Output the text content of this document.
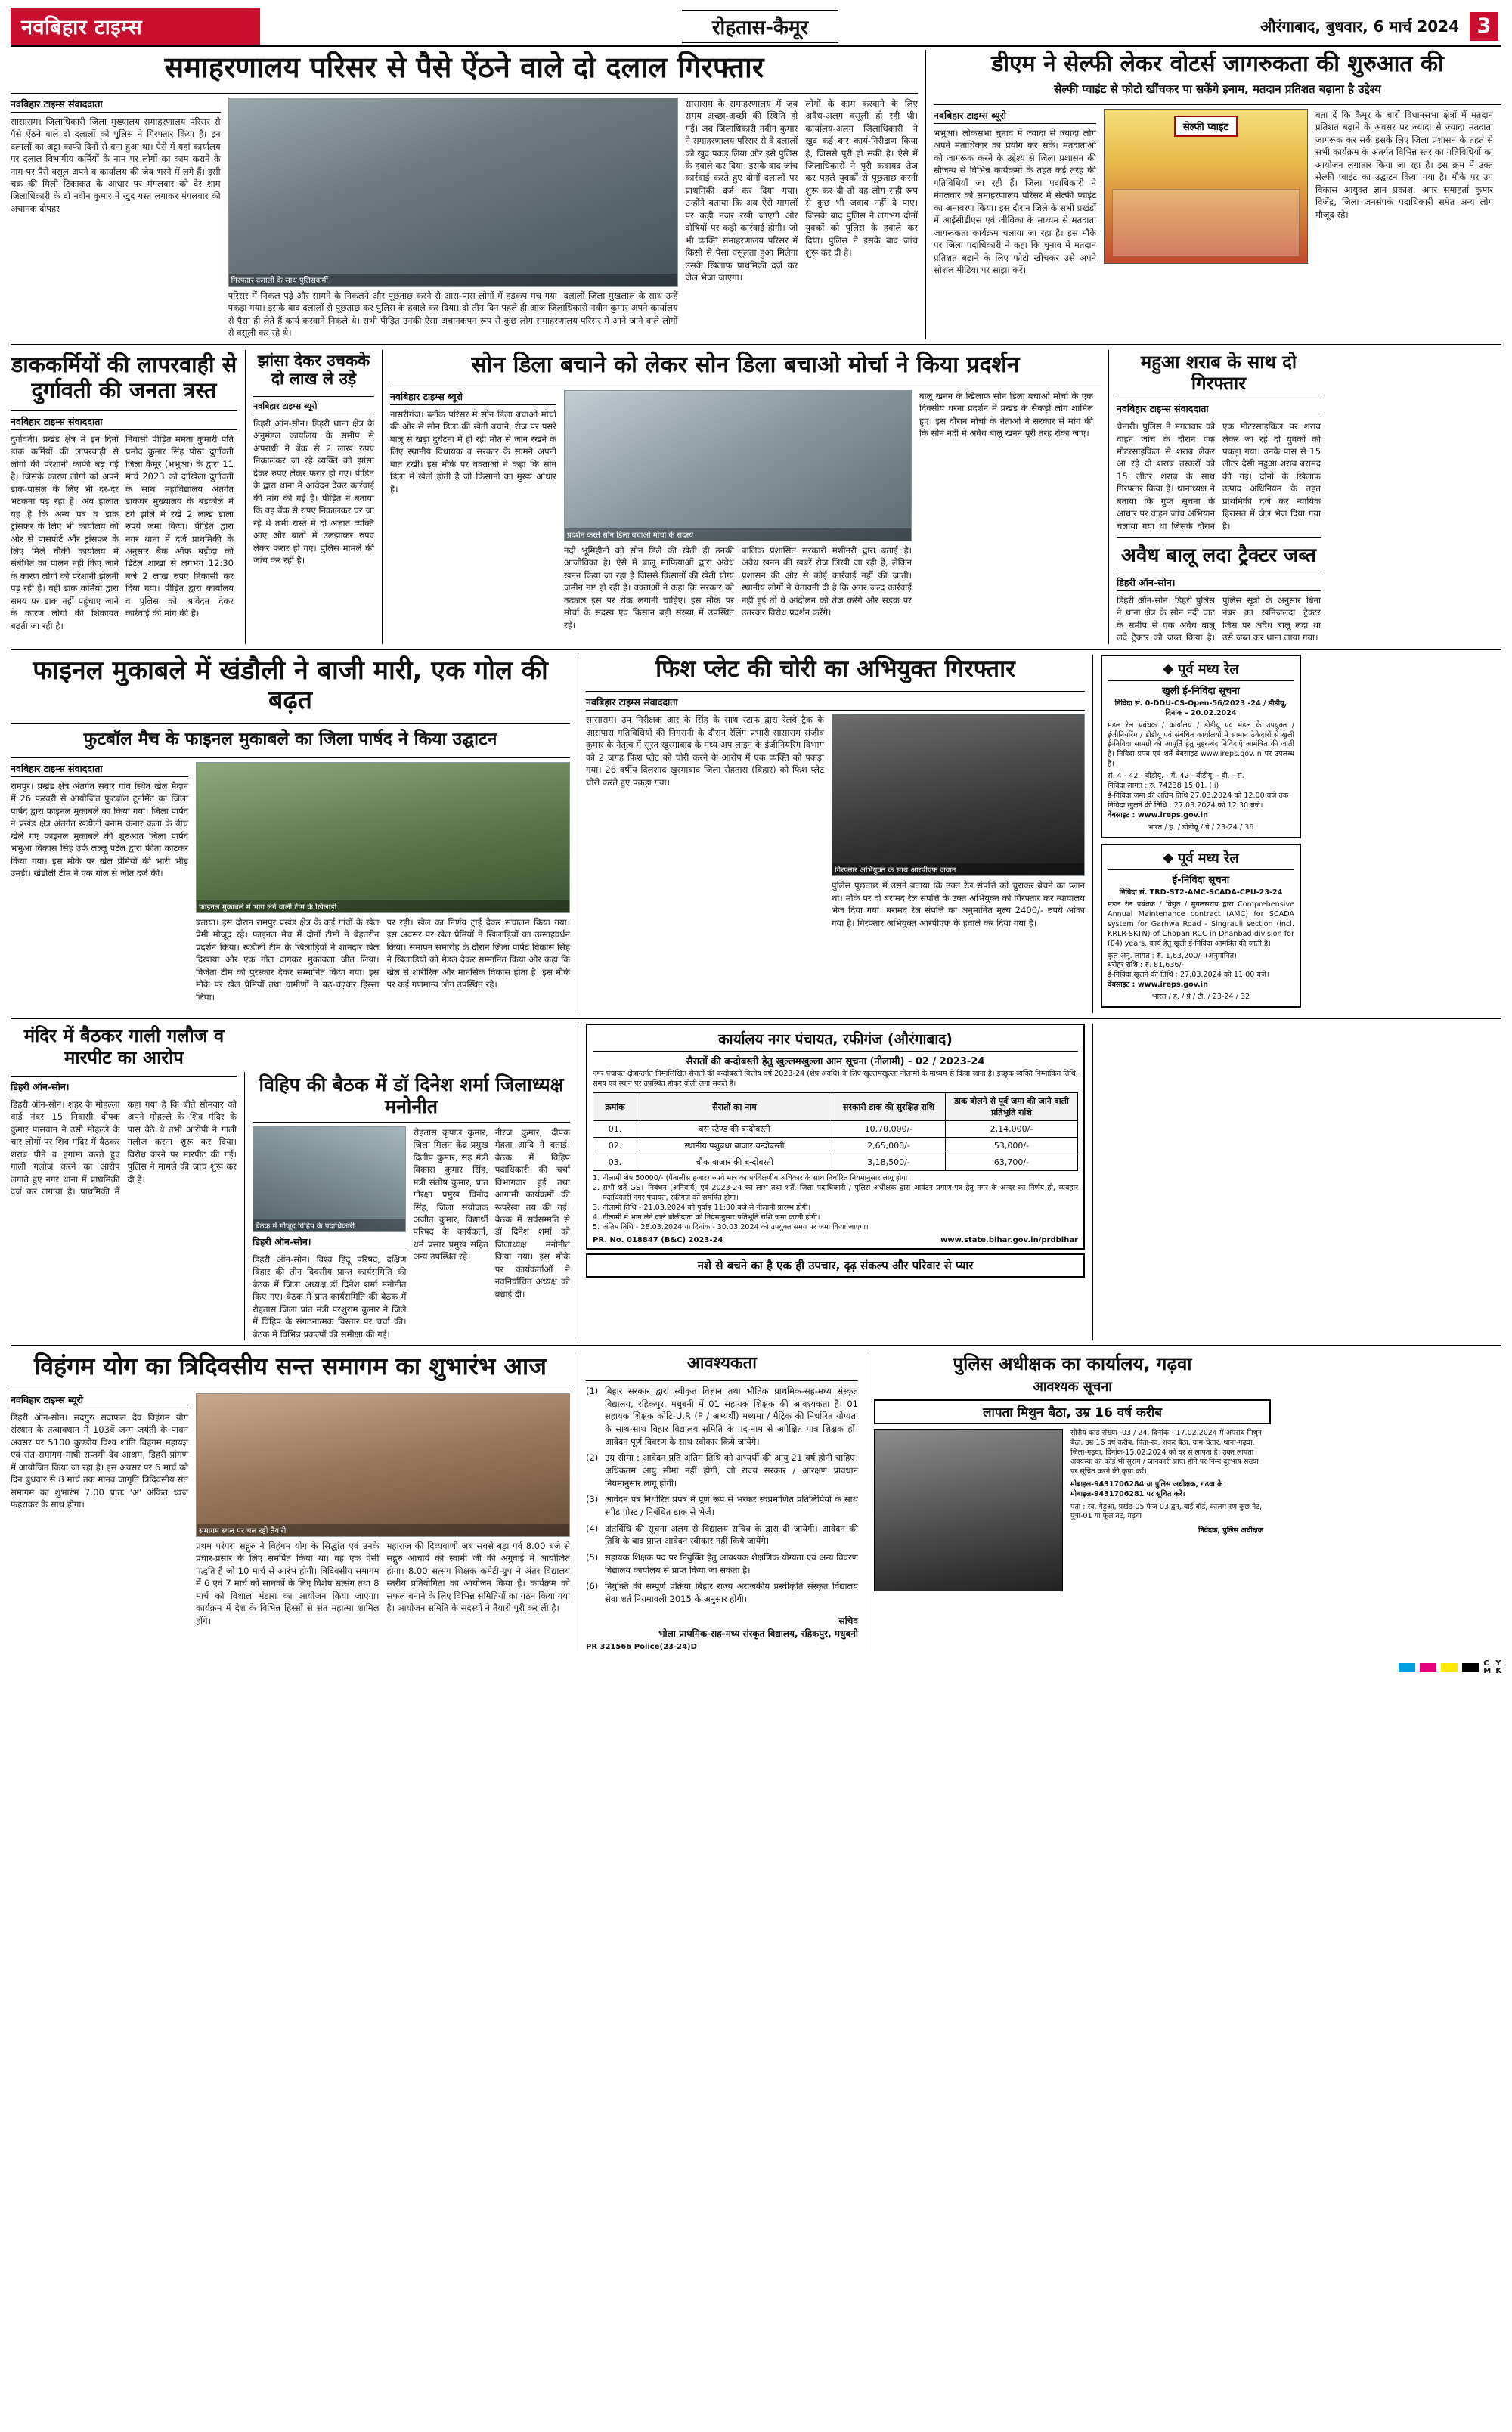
नवबिहार टाइम्स	रोहतास-कैमूर	औरंगाबाद, बुधवार, 6 मार्च 2024 3
समाहरणालय परिसर से पैसे ऐंठने वाले दो दलाल गिरफ्तार
नवबिहार टाइम्स संवाददाता
सासाराम। जिलाधिकारी जिला मुख्यालय समाहरणालय परिसर से पैसे ऐंठने वाले दो दलालों को पुलिस ने गिरफ्तार किया है। इन दलालों का अड्डा काफी दिनों से बना हुआ था। ऐसे में यहां कार्यालय पर दलाल विभागीय कर्मियों के नाम पर लोगों का काम कराने के नाम पर पैसे वसूल अपने व कार्यालय की जेब भरने में लगे हैं। इसी चक्र की मिली टिकाकत के आधार पर मंगलवार को देर शाम जिलाधिकारी के दो नवीन कुमार ने खुद गस्त लगाकर मंगलवार की अचानक दोपहर
गिरफ्तार दलालों के साथ पुलिसकर्मी
परिसर में निकल पड़े और सामने के निकलने और पूछताछ करने से आस-पास लोगों में हड़कंप मच गया। दलालों जिला मुखलाल के साथ उन्हें पकड़ा गया। इसके बाद दलालों से पूछताछ कर पुलिस के हवाले कर दिया। दो तीन दिन पहले ही आज जिलाधिकारी नवीन कुमार अपने कार्यालय से पैसा ही लेते हैं कार्य करवाने निकले थे। सभी पीड़ित उनकी ऐसा अचानकपन रूप से कुछ लोग समाहरणालय परिसर में आने जाने वाले लोगों से वसूली कर रहे थे।
सासाराम के समाहरणालय में जब समय अच्छा-अच्छी की स्थिति हो गई। जब जिलाधिकारी नवीन कुमार ने समाहरणालय परिसर से वे दलालों को खुद पकड़ लिया और इसे पुलिस के हवाले कर दिया। इसके बाद जांच कार्रवाई करते हुए दोनों दलालों पर प्राथमिकी दर्ज कर दिया गया। उन्होंने बताया कि अब ऐसे मामलों पर कड़ी नजर रखी जाएगी और दोषियों पर कड़ी कार्रवाई होगी। जो भी व्यक्ति समाहरणालय परिसर में किसी से पैसा वसूलता हुआ मिलेगा उसके खिलाफ प्राथमिकी दर्ज कर जेल भेजा जाएगा।
लोगों के काम करवाने के लिए अवैध-अलग वसूली हो रही थी। कार्यालय-अलग जिलाधिकारी ने खुद कई बार कार्य-निरीक्षण किया है, जिससे पूरी हो सकी है। ऐसे में जिलाधिकारी ने पूरी कवायद तेज कर पहले युवकों से पूछताछ करनी शुरू कर दी तो वह लोग सही रूप से कुछ भी जवाब नहीं दे पाए। जिसके बाद पुलिस ने लगभग दोनों युवकों को पुलिस के हवाले कर दिया। पुलिस ने इसके बाद जांच शुरू कर दी है।
डीएम ने सेल्फी लेकर वोटर्स जागरुकता की शुरुआत की
सेल्फी प्वाइंट से फोटो खींचकर पा सकेंगे इनाम, मतदान प्रतिशत बढ़ाना है उद्देश्य
नवबिहार टाइम्स ब्यूरो
भभुआ। लोकसभा चुनाव में ज्यादा से ज्यादा लोग अपने मताधिकार का प्रयोग कर सकें। मतदाताओं को जागरूक करने के उद्देश्य से जिला प्रशासन की सौजन्य से विभिन्न कार्यक्रमों के तहत कई तरह की गतिविधियाँ जा रही हैं। जिला पदाधिकारी ने मंगलवार को समाहरणालय परिसर में सेल्फी प्वाइंट का अनावरण किया। इस दौरान जिले के सभी प्रखंडों में आईसीडीएस एवं जीविका के माध्यम से मतदाता जागरूकता कार्यक्रम चलाया जा रहा है। इस मौके पर जिला पदाधिकारी ने कहा कि चुनाव में मतदान प्रतिशत बढ़ाने के लिए फोटो खींचकर उसे अपने सोशल मीडिया पर साझा करें।
सेल्फी प्वाइंट
बता दें कि कैमूर के चारों विधानसभा क्षेत्रों में मतदान प्रतिशत बढ़ाने के अवसर पर ज्यादा से ज्यादा मतदाता जागरूक कर सकें इसके लिए जिला प्रशासन के तहत से सभी कार्यक्रम के अंतर्गत विभिन्न स्तर का गतिविधियों का आयोजन लगातार किया जा रहा है। इस क्रम में उक्त सेल्फी प्वाइंट का उद्घाटन किया गया है। मौके पर उप विकास आयुक्त ज्ञान प्रकाश, अपर समाहर्ता कुमार विजेंद्र, जिला जनसंपर्क पदाधिकारी समेत अन्य लोग मौजूद रहे।
डाककर्मियों की लापरवाही से दुर्गावती की जनता त्रस्त
नवबिहार टाइम्स संवाददाता
दुर्गावती। प्रखंड क्षेत्र में इन दिनों डाक कर्मियों की लापरवाही से लोगों की परेशानी काफी बढ़ गई है। जिसके कारण लोगों को अपने डाक-पार्सल के लिए भी दर-दर भटकना पड़ रहा है। अब हालात यह है कि अन्य पत्र व डाक ट्रांसफर के लिए भी कार्यालय की ओर से पासपोर्ट और ट्रांसफर के लिए मिले चौकी कार्यालय में संबंधित का पालन नहीं किए जाने के कारण लोगों को परेशानी झेलनी पड़ रही है। वहीं डाक कर्मियों द्वारा समय पर डाक नहीं पहुंचाए जाने के कारण लोगों की शिकायत बढ़ती जा रही है।
निवासी पीड़ित ममता कुमारी पति प्रमोद कुमार सिंह पोस्ट दुर्गावती जिला कैमूर (भभुआ) के द्वारा 11 मार्च 2023 को दाखिला दुर्गावती के साथ महाविद्यालय अंतर्गत डाकघर मुख्यालय के बड़कोले में टंगे झोले में रखे 2 लाख डाला रुपये जमा किया। पीड़ित द्वारा नगर थाना में दर्ज प्राथमिकी के अनुसार बैंक ऑफ बड़ौदा की डिटेल शाखा से लगभग 12:30 बजे 2 लाख रुपए निकासी कर दिया गया। पीड़ित द्वारा कार्यालय व पुलिस को आवेदन देकर कार्रवाई की मांग की है।
झांसा देकर उचकके दो लाख ले उड़े
नवबिहार टाइम्स ब्यूरो
डिहरी ऑन-सोन। डिहरी थाना क्षेत्र के अनुमंडल कार्यालय के समीप से अपराधी ने बैंक से 2 लाख रुपए निकालकर जा रहे व्यक्ति को झांसा देकर रुपए लेकर फरार हो गए। पीड़ित के द्वारा थाना में आवेदन देकर कार्रवाई की मांग की गई है। पीड़ित ने बताया कि वह बैंक से रुपए निकालकर घर जा रहे थे तभी रास्ते में दो अज्ञात व्यक्ति आए और बातों में उलझाकर रुपए लेकर फरार हो गए। पुलिस मामले की जांच कर रही है।
सोन डिला बचाने को लेकर सोन डिला बचाओ मोर्चा ने किया प्रदर्शन
नवबिहार टाइम्स ब्यूरो
नासरीगंज। ब्लॉक परिसर में सोन डिला बचाओ मोर्चा की ओर से सोन डिला की खेती बचाने, रोज पर पसरे बालू से खड़ा दुर्घटना में हो रही मौत से जान रखने के लिए स्थानीय विधायक व सरकार के सामने अपनी बात रखी। इस मौके पर वक्ताओं ने कहा कि सोन डिला में खेती होती है जो किसानों का मुख्य आधार है।
प्रदर्शन करते सोन डिला बचाओ मोर्चा के सदस्य
नदी भूमिहीनों को सोन डिले की खेती ही उनकी आजीविका है। ऐसे में बालू माफियाओं द्वारा अवैध खनन किया जा रहा है जिससे किसानों की खेती योग्य जमीन नष्ट हो रही है। वक्ताओं ने कहा कि सरकार को तत्काल इस पर रोक लगानी चाहिए। इस मौके पर मोर्चा के सदस्य एवं किसान बड़ी संख्या में उपस्थित रहे।
बालिक प्रशासित सरकारी मशीनरी द्वारा बताई है। अवैध खनन की खबरें रोज लिखी जा रही हैं, लेकिन प्रशासन की ओर से कोई कार्रवाई नहीं की जाती। स्थानीय लोगों ने चेतावनी दी है कि अगर जल्द कार्रवाई नहीं हुई तो वे आंदोलन को तेज करेंगे और सड़क पर उतरकर विरोध प्रदर्शन करेंगे।
बालू खनन के खिलाफ सोन डिला बचाओ मोर्चा के एक दिवसीय धरना प्रदर्शन में प्रखंड के सैकड़ों लोग शामिल हुए। इस दौरान मोर्चा के नेताओं ने सरकार से मांग की कि सोन नदी में अवैध बालू खनन पूरी तरह रोका जाए।
महुआ शराब के साथ दो गिरफ्तार
नवबिहार टाइम्स संवाददाता
चेनारी। पुलिस ने मंगलवार को वाहन जांच के दौरान एक मोटरसाइकिल से शराब लेकर आ रहे दो शराब तस्करों को 15 लीटर शराब के साथ गिरफ्तार किया है। थानाध्यक्ष ने बताया कि गुप्त सूचना के आधार पर वाहन जांच अभियान चलाया गया था जिसके दौरान एक मोटरसाइकिल पर शराब लेकर जा रहे दो युवकों को पकड़ा गया। उनके पास से 15 लीटर देसी महुआ शराब बरामद की गई। दोनों के खिलाफ उत्पाद अधिनियम के तहत प्राथमिकी दर्ज कर न्यायिक हिरासत में जेल भेज दिया गया है।
अवैध बालू लदा ट्रैक्टर जब्त
डिहरी ऑन-सोन।
डिहरी ऑन-सोन। डिहरी पुलिस ने थाना क्षेत्र के सोन नदी घाट के समीप से एक अवैध बालू लदे ट्रैक्टर को जब्त किया है। पुलिस सूत्रों के अनुसार बिना नंबर का खनिजलदा ट्रैक्टर जिस पर अवैध बालू लदा था उसे जब्त कर थाना लाया गया।
फाइनल मुकाबले में खंडौली ने बाजी मारी, एक गोल की बढ़त
फुटबॉल मैच के फाइनल मुकाबले का जिला पार्षद ने किया उद्घाटन
नवबिहार टाइम्स संवाददाता
रामपुर। प्रखंड क्षेत्र अंतर्गत सवार गांव स्थित खेल मैदान में 26 फरवरी से आयोजित फुटबॉल टूर्नामेंट का जिला पार्षद द्वारा फाइनल मुकाबले का किया गया। जिला पार्षद ने प्रखंड क्षेत्र अंतर्गत खंडौली बनाम केनार कला के बीच खेले गए फाइनल मुकाबले की शुरुआत जिला पार्षद भभुआ विकास सिंह उर्फ लल्लू पटेल द्वारा फीता काटकर किया गया। इस मौके पर खेल प्रेमियों की भारी भीड़ उमड़ी। खंडौली टीम ने एक गोल से जीत दर्ज की।
फाइनल मुकाबले में भाग लेने वाली टीम के खिलाड़ी
बताया। इस दौरान रामपुर प्रखंड क्षेत्र के कई गांवों के खेल प्रेमी मौजूद रहे। फाइनल मैच में दोनों टीमों ने बेहतरीन प्रदर्शन किया। खंडौली टीम के खिलाड़ियों ने शानदार खेल दिखाया और एक गोल दागकर मुकाबला जीत लिया। विजेता टीम को पुरस्कार देकर सम्मानित किया गया। इस मौके पर खेल प्रेमियों तथा ग्रामीणों ने बढ़-चढ़कर हिस्सा लिया।
पर रही। खेल का निर्णय ट्राई देकर संचालन किया गया। इस अवसर पर खेल प्रेमियों ने खिलाड़ियों का उत्साहवर्धन किया। समापन समारोह के दौरान जिला पार्षद विकास सिंह ने खिलाड़ियों को मेडल देकर सम्मानित किया और कहा कि खेल से शारीरिक और मानसिक विकास होता है। इस मौके पर कई गणमान्य लोग उपस्थित रहे।
फिश प्लेट की चोरी का अभियुक्त गिरफ्तार
नवबिहार टाइम्स संवाददाता
सासाराम। उप निरीक्षक आर के सिंह के साथ स्टाफ द्वारा रेलवे ट्रैक के आसपास गतिविधियों की निगरानी के दौरान रेलिंग प्रभारी सासाराम संजीव कुमार के नेतृत्व में सूरत खुरमाबाद के मध्य अप लाइन के इंजीनियरिंग विभाग को 2 जगह फिश प्लेट को चोरी करने के आरोप में एक व्यक्ति को पकड़ा गया। 26 वर्षीय दिलशाद खुरमाबाद जिला रोहतास (बिहार) को फिश प्लेट चोरी करते हुए पकड़ा गया।
गिरफ्तार अभियुक्त के साथ आरपीएफ जवान
पुलिस पूछताछ में उसने बताया कि उक्त रेल संपत्ति को चुराकर बेचने का प्लान था। मौके पर दो बरामद रेल संपत्ति के उक्त अभियुक्त को गिरफ्तार कर न्यायालय भेज दिया गया। बरामद रेल संपत्ति का अनुमानित मूल्य 2400/- रुपये आंका गया है। गिरफ्तार अभियुक्त आरपीएफ के हवाले कर दिया गया है।
◆ पूर्व मध्य रेल
खुली ई-निविदा सूचना
निविदा सं. 0-DDU-CS-Open-56/2023 -24 / डीडीयू, दिनांक - 20.02.2024
मंडल रेल प्रबंधक / कार्यालय / डीडीयू एवं मंडल के उपयुक्त / इंजीनियरिंग / डीडीयू एवं संबंधित कार्यालयों में सामान ठेकेदारों से खुली ई-निविदा सामग्री की आपूर्ति हेतु मुहर-बंद निविदाएँ आमंत्रित की जाती हैं। निविदा प्रपत्र एवं शर्तें वेबसाइट www.ireps.gov.in पर उपलब्ध हैं।
सं. 4 - 42 - वीडीयू. - में. 42 - वीडीयू. - वी. - सं.
निविदा लागत : रु. 74238 15.01. (ii)
ई-निविदा जमा की अंतिम तिथि 27.03.2024 को 12.00 बजे तक।
निविदा खुलने की तिथि : 27.03.2024 को 12.30 बजे।
वेबसाइट : www.ireps.gov.in
भारत / ह. / डीडीयू / प्रे / 23-24 / 36
◆ पूर्व मध्य रेल
ई-निविदा सूचना
निविदा सं. TRD-ST2-AMC-SCADA-CPU-23-24
मंडल रेल प्रबंधक / विद्युत / मुगलसराय द्वारा Comprehensive Annual Maintenance contract (AMC) for SCADA system for Garhwa Road - Singrauli section (incl. KRLR-SKTN) of Chopan RCC in Dhanbad division for (04) years, कार्य हेतु खुली ई-निविदा आमंत्रित की जाती है।
कुल अनु. लागत : रु. 1,63,200/- (अनुमानित)
धरोहर राशि : रु. 81,636/-
ई-निविदा खुलने की तिथि : 27.03.2024 को 11.00 बजे।
वेबसाइट : www.ireps.gov.in
भारत / ह. / प्रे / टी. / 23-24 / 32
मंदिर में बैठकर गाली गलौज व मारपीट का आरोप
डिहरी ऑन-सोन।
डिहरी ऑन-सोन। शहर के मोहल्ला वार्ड नंबर 15 निवासी दीपक कुमार पासवान ने उसी मोहल्ले के चार लोगों पर शिव मंदिर में बैठकर शराब पीने व हंगामा करते हुए गाली गलौज करने का आरोप लगाते हुए नगर थाना में प्राथमिकी दर्ज कर लगाया है। प्राथमिकी में कहा गया है कि बीते सोमवार को अपने मोहल्ले के शिव मंदिर के पास बैठे थे तभी आरोपी ने गाली गलौज करना शुरू कर दिया। विरोध करने पर मारपीट की गई। पुलिस ने मामले की जांच शुरू कर दी है।
विहिप की बैठक में डॉ दिनेश शर्मा जिलाध्यक्ष मनोनीत
बैठक में मौजूद विहिप के पदाधिकारी
डिहरी ऑन-सोन।
डिहरी ऑन-सोन। विश्व हिंदू परिषद, दक्षिण बिहार की तीन दिवसीय प्रान्त कार्यसमिति की बैठक में जिला अध्यक्ष डॉ दिनेश शर्मा मनोनीत किए गए। बैठक में प्रांत कार्यसमिति की बैठक में रोहतास जिला प्रांत मंत्री परशुराम कुमार ने जिले में विहिप के संगठनात्मक विस्तार पर चर्चा की। बैठक में विभिन्न प्रकल्पों की समीक्षा की गई।
रोहतास कृपाल कुमार, जिला मिलन केंद्र प्रमुख दिलीप कुमार, सह मंत्री विकास कुमार सिंह, मंत्री संतोष कुमार, प्रांत गौरक्षा प्रमुख विनोद सिंह, जिला संयोजक अजीत कुमार, विद्यार्थी परिषद के कार्यकर्ता, धर्म प्रसार प्रमुख सहित अन्य उपस्थित रहे।
नीरज कुमार, दीपक मेहता आदि ने बताई। बैठक में विहिप पदाधिकारी की चर्चा विभागवार हुई तथा आगामी कार्यक्रमों की रूपरेखा तय की गई। बैठक में सर्वसम्मति से डॉ दिनेश शर्मा को जिलाध्यक्ष मनोनीत किया गया। इस मौके पर कार्यकर्ताओं ने नवनिर्वाचित अध्यक्ष को बधाई दी।
कार्यालय नगर पंचायत, रफीगंज (औरंगाबाद)
सैरातों की बन्दोबस्ती हेतु खुल्लमखुल्ला आम सूचना (नीलामी) - 02 / 2023-24
नगर पंचायत क्षेत्रान्तर्गत निम्नलिखित सैरातों की बन्दोबस्ती वित्तीय वर्ष 2023-24 (शेष अवधि) के लिए खुल्लमखुल्ला नीलामी के माध्यम से किया जाना है। इच्छुक व्यक्ति निम्नांकित तिथि, समय एवं स्थान पर उपस्थित होकर बोली लगा सकते हैं।
क्रमांक	सैरातों का नाम	सरकारी डाक की सुरक्षित राशि	डाक बोलने से पूर्व जमा की जाने वाली प्रतिभूति राशि
01.	बस स्टैण्ड की बन्दोबस्ती	10,70,000/-	2,14,000/-
02.	स्थानीय पशुबधा बाजार बन्दोबस्ती	2,65,000/-	53,000/-
03.	चौक बाजार की बन्दोबस्ती	3,18,500/-	63,700/-
1. नीलामी शेष 50000/- (पैंतालीस हजार) रुपये मात्र का पर्यवेक्षणीय अधिकार के साथ निर्धारित नियमानुसार लागू होगा।
2. सभी शर्तें GST निबंधन (अनिवार्य) एवं 2023-24 का लाभ तथा शर्तें, जिला पदाधिकारी / पुलिस अधीक्षक द्वारा आवंटन प्रमाण-पत्र हेतु नगर के अन्दर का निर्णय हो, व्यवहार पदाधिकारी नगर पंचायत, रफीगंज को समर्पित होगा।
3. नीलामी तिथि - 21.03.2024 को पूर्वाह्न 11:00 बजे से नीलामी प्रारम्भ होगी।
4. नीलामी में भाग लेने वाले बोलीदाता को नियमानुसार प्रतिभूति राशि जमा करनी होगी।
5. अंतिम तिथि - 28.03.2024 या दिनांक - 30.03.2024 को उपयुक्त समय पर जमा किया जाएगा।
PR. No. 018847 (B&C) 2023-24	www.state.bihar.gov.in/prdbihar
नशे से बचने का है एक ही उपचार, दृढ़ संकल्प और परिवार से प्यार
विहंगम योग का त्रिदिवसीय सन्त समागम का शुभारंभ आज
नवबिहार टाइम्स ब्यूरो
डिहरी ऑन-सोन। सदगुरु सदाफल देव विहंगम योग संस्थान के तत्वावधान में 103वें जन्म जयंती के पावन अवसर पर 5100 कुण्डीय विश्व शांति विहंगम महायज्ञ एवं संत समागम माघी सप्तमी देव आश्रम, डिहरी प्रांगण में आयोजित किया जा रहा है। इस अवसर पर 6 मार्च को दिन बुधवार से 8 मार्च तक मानव जागृति त्रिदिवसीय संत समागम का शुभारंभ 7.00 प्रातः 'अ' अंकित ध्वज फहराकर के साथ होगा।
समागम स्थल पर चल रही तैयारी
प्रथम परंपरा सद्गुरु ने विहंगम योग के सिद्धांत एवं उनके प्रचार-प्रसार के लिए समर्पित किया था। वह एक ऐसी पद्धति है जो 10 मार्च से आरंभ होगी। त्रिदिवसीय समागम में 6 एवं 7 मार्च को साधकों के लिए विशेष सत्संग तथा 8 मार्च को विशाल भंडारा का आयोजन किया जाएगा। कार्यक्रम में देश के विभिन्न हिस्सों से संत महात्मा शामिल होंगे।
महाराज की दिव्यवाणी जब सबसे बड़ा पर्व 8.00 बजे से सद्गुरु आचार्य की स्वामी जी की अगुवाई में आयोजित होगा। 8.00 सत्संग शिक्षक कमेटी-ग्रुप ने अंतर विद्यालय स्तरीय प्रतियोगिता का आयोजन किया है। कार्यक्रम को सफल बनाने के लिए विभिन्न समितियों का गठन किया गया है। आयोजन समिति के सदस्यों ने तैयारी पूरी कर ली है।
आवश्यकता
(1) बिहार सरकार द्वारा स्वीकृत विज्ञान तथा भौतिक प्राथमिक-सह-मध्य संस्कृत विद्यालय, रहिकपुर, मधुबनी में 01 सहायक शिक्षक की आवश्यकता है। 01 सहायक शिक्षक कोटि-U.R (P / अभ्यर्थी) मध्यमा / मैट्रिक की निर्धारित योग्यता के साथ-साथ बिहार विद्यालय समिति के पद-नाम से अपेक्षित पात्र शिक्षक हों। आवेदन पूर्ण विवरण के साथ स्वीकार किये जायेंगे।
(2) उम्र सीमा : आवेदन प्रति अंतिम तिथि को अभ्यर्थी की आयु 21 वर्ष होनी चाहिए। अधिकतम आयु सीमा नहीं होगी, जो राज्य सरकार / आरक्षण प्रावधान नियमानुसार लागू होगी।
(3) आवेदन पत्र निर्धारित प्रपत्र में पूर्ण रूप से भरकर स्वप्रमाणित प्रतिलिपियों के साथ स्पीड पोस्ट / निबंधित डाक से भेजें।
(4) अंतर्विधि की सूचना अलग से विद्यालय सचिव के द्वारा दी जायेगी। आवेदन की तिथि के बाद प्राप्त आवेदन स्वीकार नहीं किये जायेंगे।
(5) सहायक शिक्षक पद पर नियुक्ति हेतु आवश्यक शैक्षणिक योग्यता एवं अन्य विवरण विद्यालय कार्यालय से प्राप्त किया जा सकता है।
(6) नियुक्ति की सम्पूर्ण प्रक्रिया बिहार राज्य अराजकीय प्रस्वीकृति संस्कृत विद्यालय सेवा शर्त नियमावली 2015 के अनुसार होगी।
सचिव
भोला प्राथमिक-सह-मध्य संस्कृत विद्यालय, रहिकपुर, मधुबनी
PR 321566 Police(23-24)D
पुलिस अधीक्षक का कार्यालय, गढ़वा
आवश्यक सूचना
लापता मिथुन बैठा, उम्र 16 वर्ष करीब
सौरीय कांड संख्या -03 / 24, दिनांक - 17.02.2024 में अपराध मिथुन बैठा, उम्र 16 वर्ष करीब, पिता-स्व. शंकर बैठा, ग्राम-चेतार, थाना-गढ़वा, जिला-गढ़वा, दिनांक-15.02.2024 को घर से लापता है। उक्त लापता अवयस्क का कोई भी सुराग / जानकारी प्राप्त होने पर निम्न दूरभाष संख्या पर सूचित करने की कृपा करें।
मोबाइल-9431706284 या पुलिस अधीक्षक, गढ़वा के मोबाइल-9431706281 पर सूचित करें।
पता : स्व. गेड़ुआ, प्रखंड-05 फेज 03 द्वन, बाई बॉर्ड, कालम रण कुछ नैट, पुत्रा-01 या फूल नट, गढ़वा
निवेदक, पुलिस अधीक्षक
C
M
Y
K
